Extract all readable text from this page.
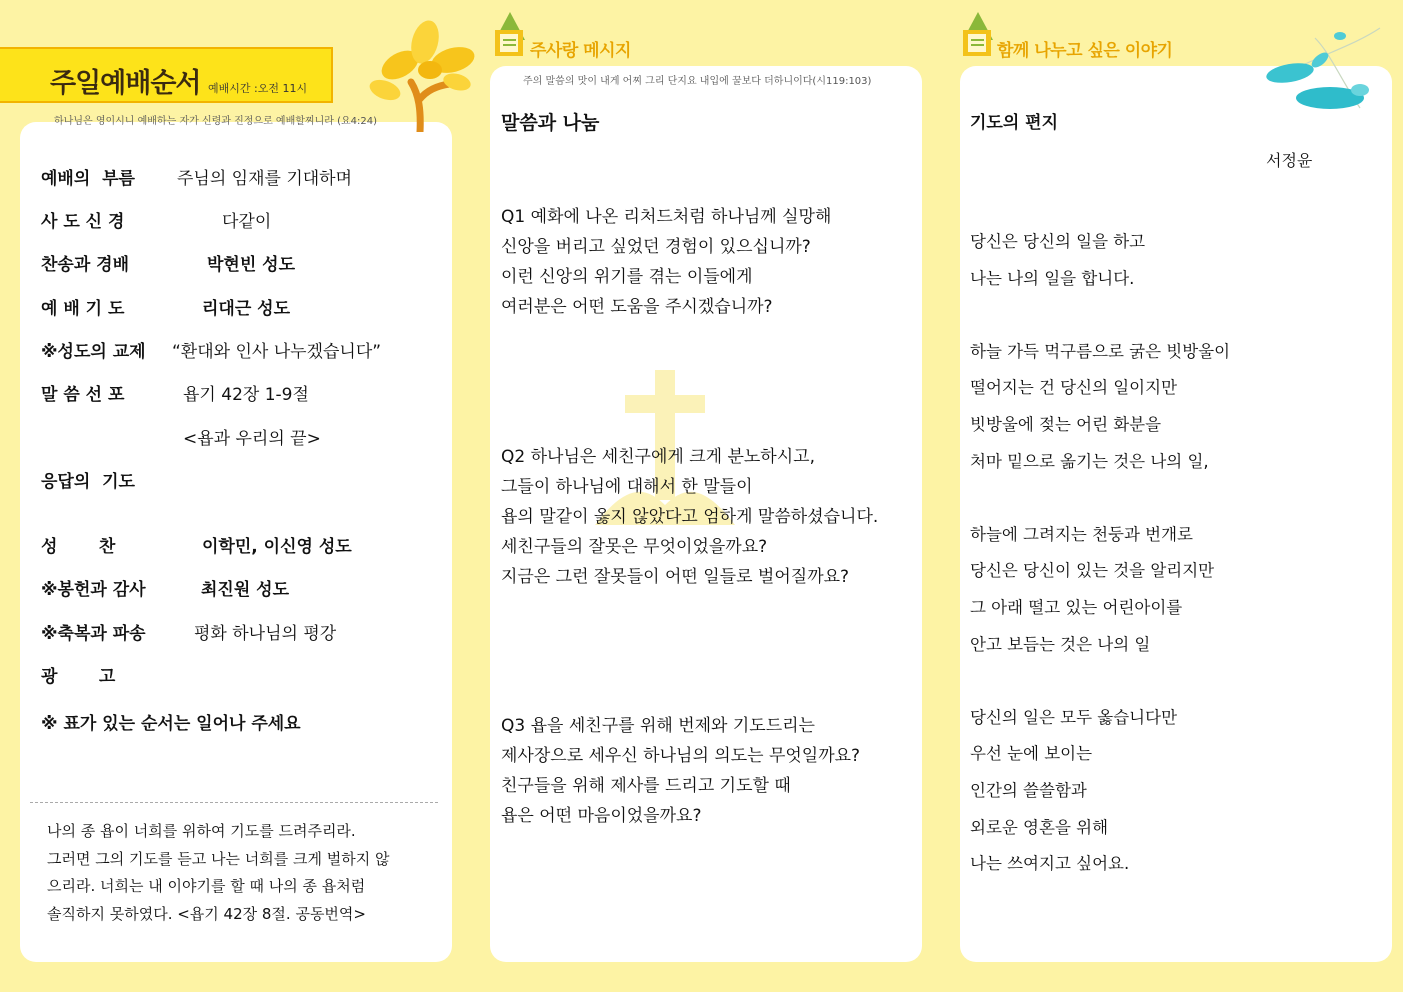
주일예배순서 예배시간 :오전 11시
하나님은 영이시니 예배하는 자가 신령과 진정으로 예배할찌니라 (요4:24)
주사랑 메시지
주의 말씀의 맛이 내게 어찌 그리 단지요 내입에 꿀보다 더하니이다(시119:103)
함께 나누고 싶은 이야기
예배의  부름 주님의 임재를 기대하며
사 도 신 경	다같이
찬송과 경배	박현빈 성도
예 배 기 도	리대근 성도
※성도의 교제 “환대와 인사 나누겠습니다”
말 씀 선 포	욥기 42장 1-9절
<욥과 우리의 끝>
응답의  기도
성       찬	이학민, 이신영 성도
※봉헌과 감사	최진원 성도
※축복과 파송	평화 하나님의 평강
광       고
※ 표가 있는 순서는 일어나 주세요
나의 종 욥이 너희를 위하여 기도를 드려주리라.
그러면 그의 기도를 듣고 나는 너희를 크게 벌하지 않
으리라. 너희는 내 이야기를 할 때 나의 종 욥처럼
솔직하지 못하였다. <욥기 42장 8절. 공동번역>
말씀과 나눔
Q1 예화에 나온 리처드처럼 하나님께 실망해
신앙을 버리고 싶었던 경험이 있으십니까?
이런 신앙의 위기를 겪는 이들에게
여러분은 어떤 도움을 주시겠습니까?
Q2 하나님은 세친구에게 크게 분노하시고,
그들이 하나님에 대해서 한 말들이
욥의 말같이 옳지 않았다고 엄하게 말씀하셨습니다.
세친구들의 잘못은 무엇이었을까요?
지금은 그런 잘못들이 어떤 일들로 벌어질까요?
Q3 욥을 세친구를 위해 번제와 기도드리는
제사장으로 세우신 하나님의 의도는 무엇일까요?
친구들을 위해 제사를 드리고 기도할 때
욥은 어떤 마음이었을까요?
기도의 편지
서정윤
당신은 당신의 일을 하고
나는 나의 일을 합니다.
하늘 가득 먹구름으로 굵은 빗방울이
떨어지는 건 당신의 일이지만
빗방울에 젖는 어린 화분을
처마 밑으로 옮기는 것은 나의 일,
하늘에 그려지는 천둥과 번개로
당신은 당신이 있는 것을 알리지만
그 아래 떨고 있는 어린아이를
안고 보듬는 것은 나의 일
당신의 일은 모두 옳습니다만
우선 눈에 보이는
인간의 쓸쓸함과
외로운 영혼을 위해
나는 쓰여지고 싶어요.
